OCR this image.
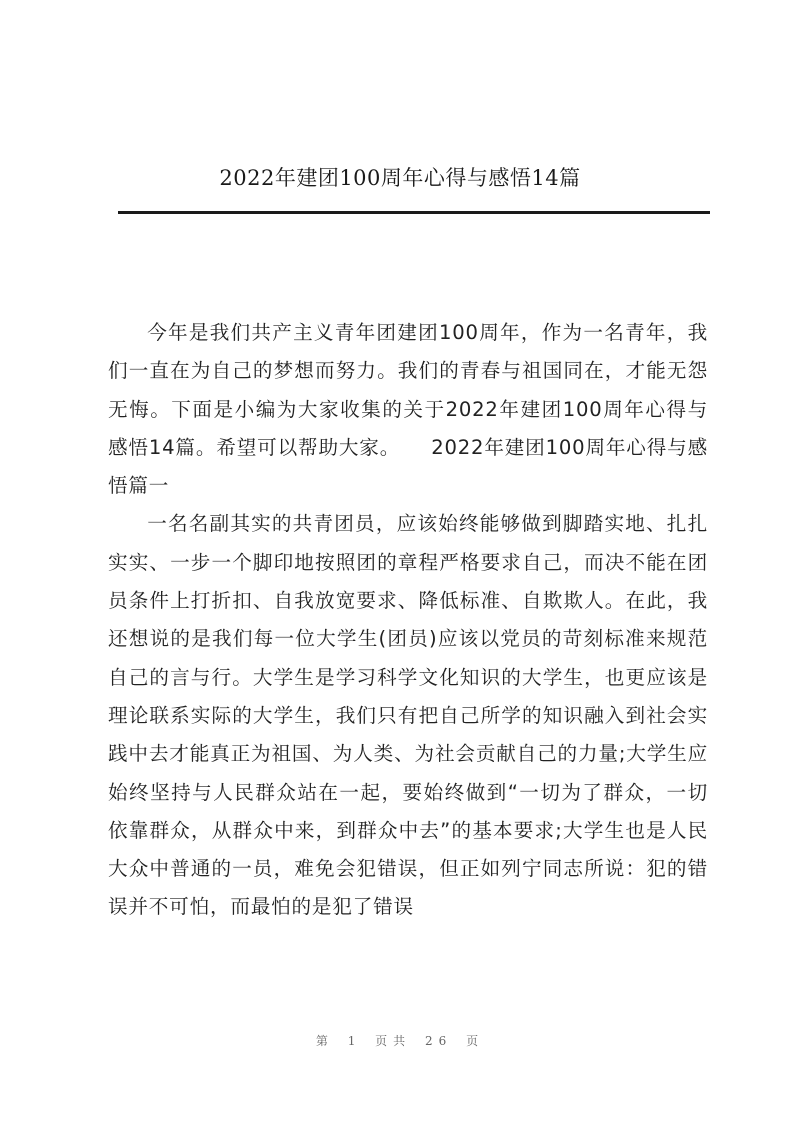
2022年建团100周年心得与感悟14篇

今年是我们共产主义青年团建团100周年，作为一名青年，我们一直在为自己的梦想而努力。我们的青春与祖国同在，才能无怨无悔。下面是小编为大家收集的关于2022年建团100周年心得与感悟14篇。希望可以帮助大家。　　2022年建团100周年心得与感悟篇一

一名名副其实的共青团员，应该始终能够做到脚踏实地、扎扎实实、一步一个脚印地按照团的章程严格要求自己，而决不能在团员条件上打折扣、自我放宽要求、降低标准、自欺欺人。在此，我还想说的是我们每一位大学生(团员)应该以党员的苛刻标准来规范自己的言与行。大学生是学习科学文化知识的大学生，也更应该是理论联系实际的大学生，我们只有把自己所学的知识融入到社会实践中去才能真正为祖国、为人类、为社会贡献自己的力量;大学生应始终坚持与人民群众站在一起，要始终做到“一切为了群众，一切依靠群众，从群众中来，到群众中去”的基本要求;大学生也是人民大众中普通的一员，难免会犯错误，但正如列宁同志所说：犯的错误并不可怕，而最怕的是犯了错误

第 1 页共 26 页
